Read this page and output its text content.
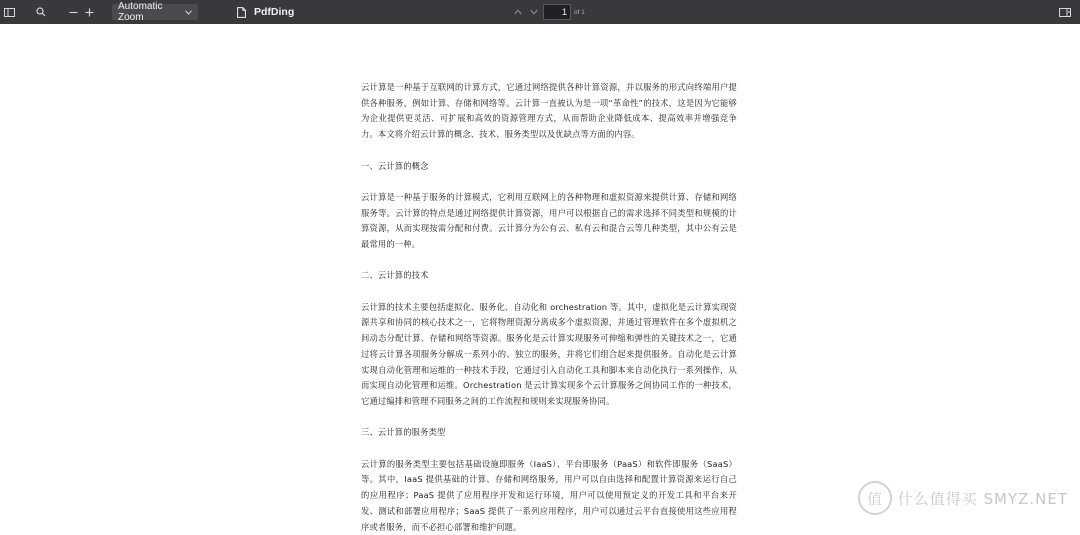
Automatic Zoom	PdfDing
1	of 1

云计算是一种基于互联网的计算方式，它通过网络提供各种计算资源，并以服务的形式向终端用户提供各种服务，例如计算、存储和网络等。云计算一直被认为是一项“革命性”的技术，这是因为它能够为企业提供更灵活、可扩展和高效的资源管理方式，从而帮助企业降低成本、提高效率并增强竞争力。本文将介绍云计算的概念、技术、服务类型以及优缺点等方面的内容。

一、云计算的概念

云计算是一种基于服务的计算模式，它利用互联网上的各种物理和虚拟资源来提供计算、存储和网络服务等。云计算的特点是通过网络提供计算资源，用户可以根据自己的需求选择不同类型和规模的计算资源，从而实现按需分配和付费。云计算分为公有云、私有云和混合云等几种类型，其中公有云是最常用的一种。

二、云计算的技术

云计算的技术主要包括虚拟化、服务化、自动化和 orchestration 等。其中，虚拟化是云计算实现资源共享和协同的核心技术之一，它将物理资源分离成多个虚拟资源，并通过管理软件在多个虚拟机之间动态分配计算、存储和网络等资源。服务化是云计算实现服务可伸缩和弹性的关键技术之一，它通过将云计算各项服务分解成一系列小的、独立的服务，并将它们组合起来提供服务。自动化是云计算实现自动化管理和运维的一种技术手段，它通过引入自动化工具和脚本来自动化执行一系列操作，从而实现自动化管理和运维。Orchestration 是云计算实现多个云计算服务之间协同工作的一种技术，它通过编排和管理不同服务之间的工作流程和规则来实现服务协同。

三、云计算的服务类型

云计算的服务类型主要包括基础设施即服务（IaaS）、平台即服务（PaaS）和软件即服务（SaaS）等。其中，IaaS 提供基础的计算、存储和网络服务，用户可以自由选择和配置计算资源来运行自己的应用程序；PaaS 提供了应用程序开发和运行环境，用户可以使用预定义的开发工具和平台来开发、测试和部署应用程序；SaaS 提供了一系列应用程序，用户可以通过云平台直接使用这些应用程序或者服务，而不必担心部署和维护问题。

值	什么值得买 SMYZ.NET
